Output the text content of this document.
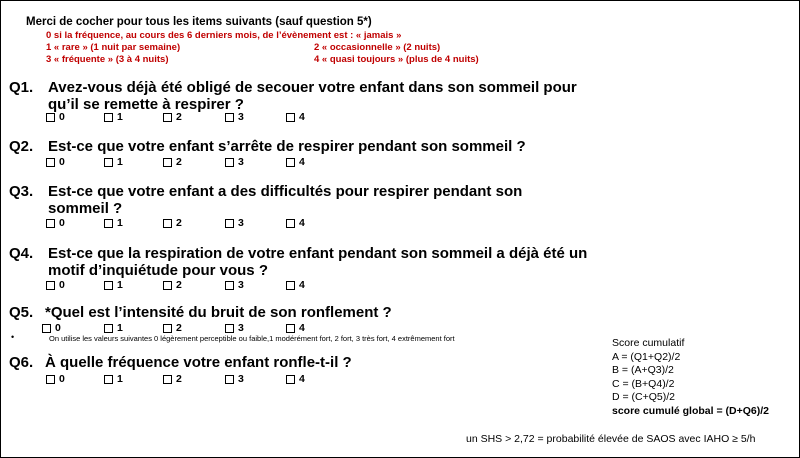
Merci de cocher pour tous les items suivants (sauf question 5*)
0 si la fréquence, au cours des 6 derniers mois, de l’évènement est : « jamais »
1 « rare » (1 nuit par semaine)	2 « occasionnelle » (2 nuits)
3 « fréquente » (3 à 4 nuits)	4 « quasi toujours » (plus de 4 nuits)
Q1. Avez-vous déjà été obligé de secouer votre enfant dans son sommeil pour qu’il se remette à respirer ?
0	1	2	3	4
Q2. Est-ce que votre enfant s’arrête de respirer pendant son sommeil ?
0	1	2	3	4
Q3. Est-ce que votre enfant a des difficultés pour respirer pendant son sommeil ?
0	1	2	3	4
Q4. Est-ce que la respiration de votre enfant pendant son sommeil a déjà été un motif d’inquiétude pour vous ?
0	1	2	3	4
Q5. *Quel est l’intensité du bruit de son ronflement ?
0	1	2	3	4
•	On utilise les valeurs suivantes 0 légèrement perceptible ou faible,1 modérément fort, 2 fort, 3 très fort, 4 extrêmement fort
Q6. À quelle fréquence votre enfant ronfle-t-il ?
0	1	2	3	4
Score cumulatif
A = (Q1+Q2)/2
B = (A+Q3)/2
C = (B+Q4)/2
D = (C+Q5)/2
score cumulé global = (D+Q6)/2
un SHS > 2,72 = probabilité élevée de SAOS avec IAHO ≥ 5/h
